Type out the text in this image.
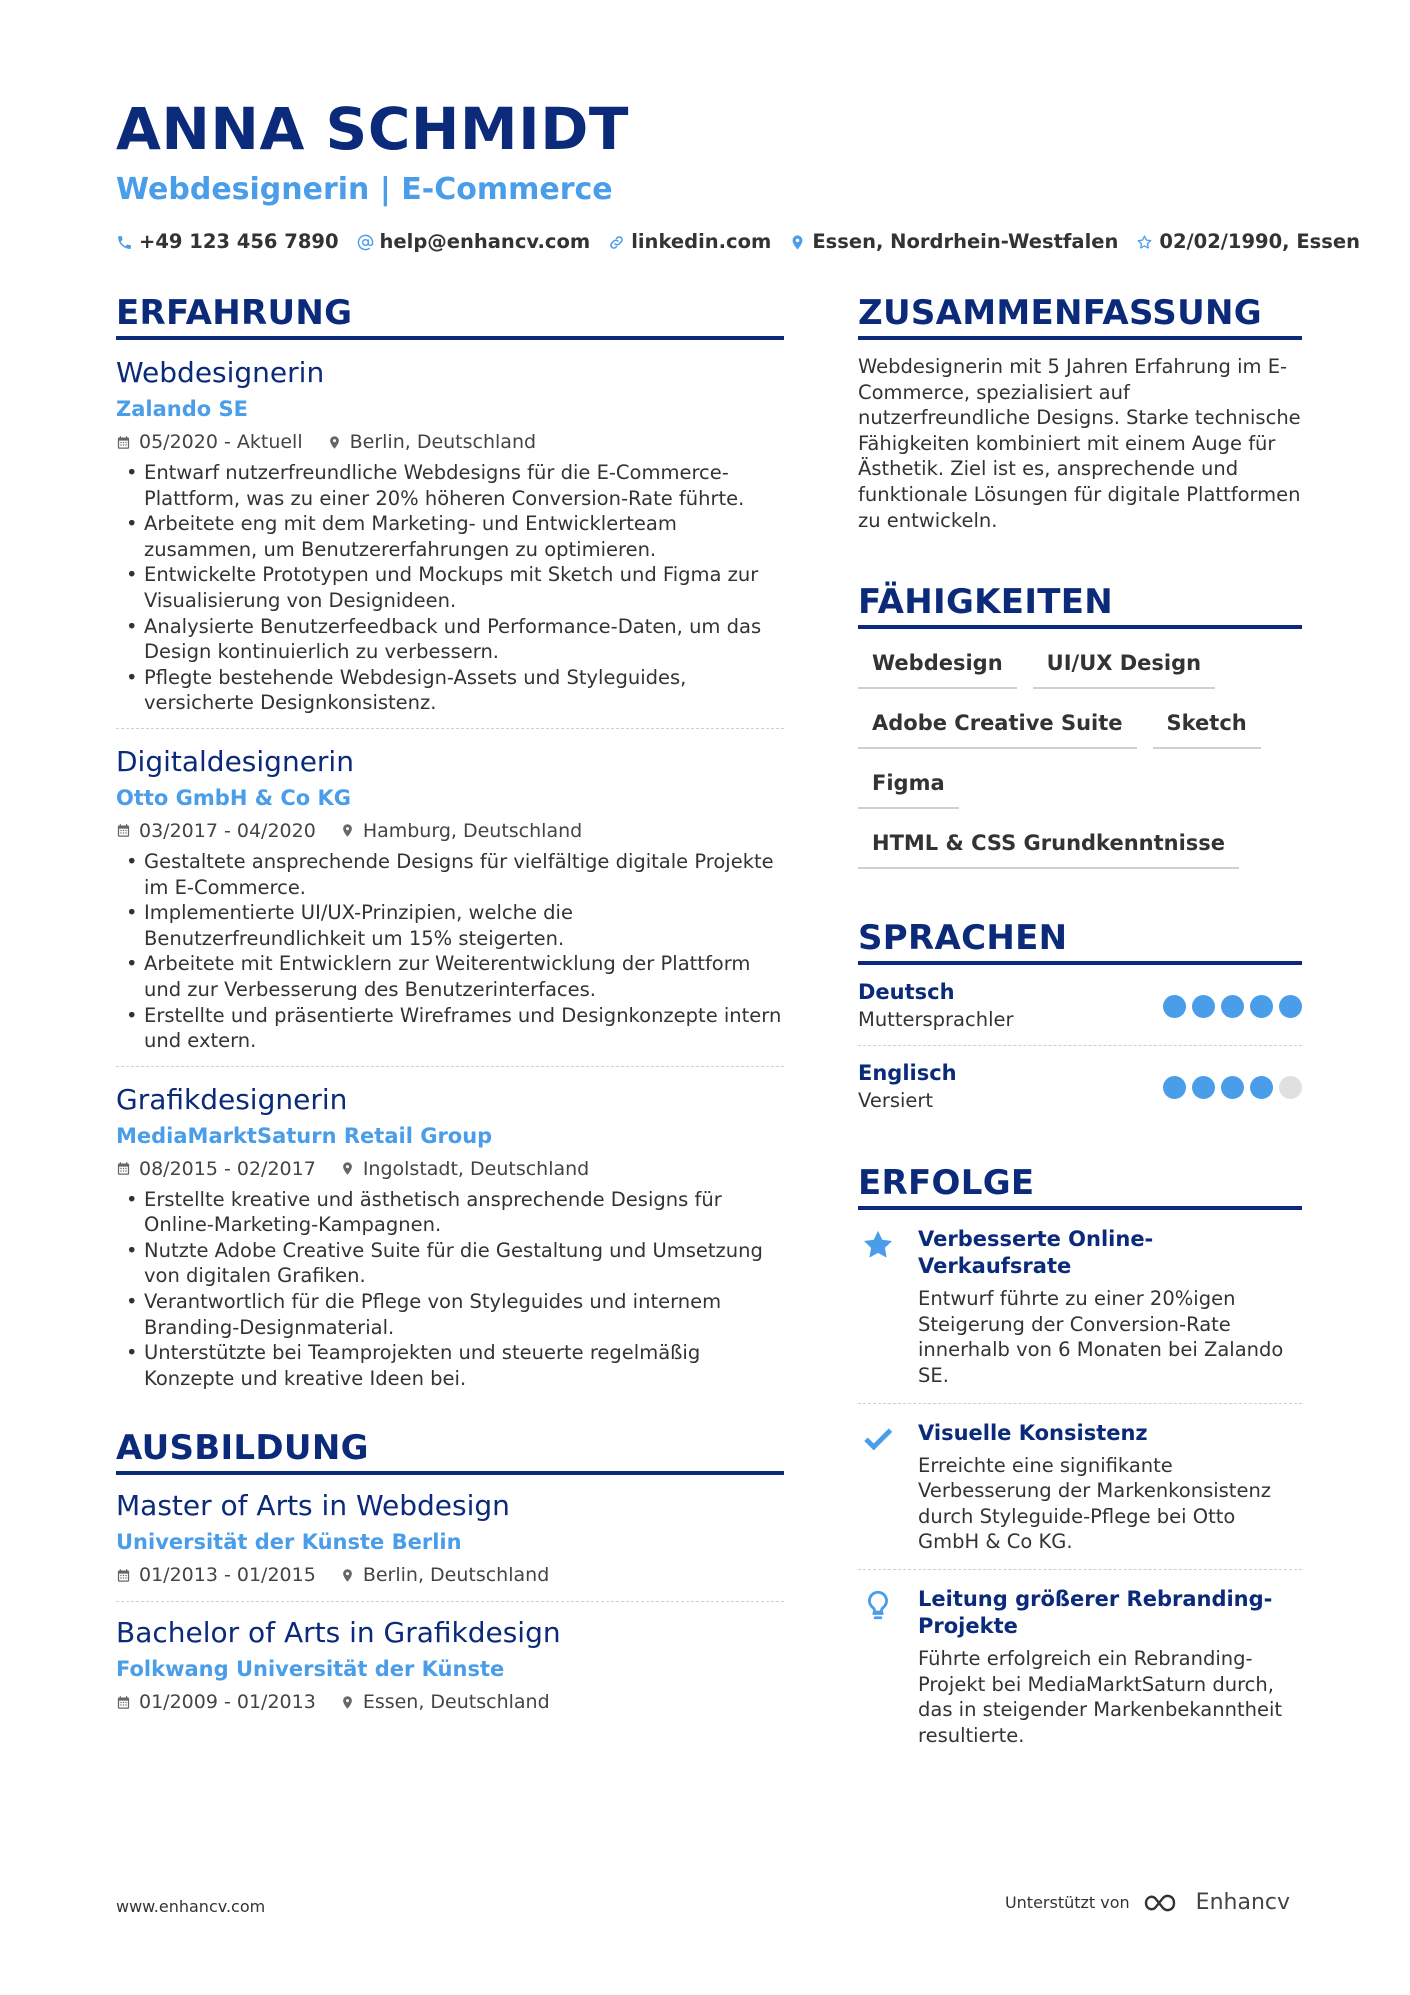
ANNA SCHMIDT
Webdesignerin | E-Commerce
+49 123 456 7890 help@enhancv.com linkedin.com Essen, Nordrhein-Westfalen 02/02/1990, Essen
ERFAHRUNG
Webdesignerin
Zalando SE
05/2020 - Aktuell Berlin, Deutschland
• Entwarf nutzerfreundliche Webdesigns für die E-Commerce-Plattform, was zu einer 20% höheren Conversion-Rate führte.
• Arbeitete eng mit dem Marketing- und Entwicklerteam zusammen, um Benutzererfahrungen zu optimieren.
• Entwickelte Prototypen und Mockups mit Sketch und Figma zur Visualisierung von Designideen.
• Analysierte Benutzerfeedback und Performance-Daten, um das Design kontinuierlich zu verbessern.
• Pflegte bestehende Webdesign-Assets und Styleguides, versicherte Designkonsistenz.
Digitaldesignerin
Otto GmbH & Co KG
03/2017 - 04/2020 Hamburg, Deutschland
• Gestaltete ansprechende Designs für vielfältige digitale Projekte im E-Commerce.
• Implementierte UI/UX-Prinzipien, welche die Benutzerfreundlichkeit um 15% steigerten.
• Arbeitete mit Entwicklern zur Weiterentwicklung der Plattform und zur Verbesserung des Benutzerinterfaces.
• Erstellte und präsentierte Wireframes und Designkonzepte intern und extern.
Grafikdesignerin
MediaMarktSaturn Retail Group
08/2015 - 02/2017 Ingolstadt, Deutschland
• Erstellte kreative und ästhetisch ansprechende Designs für Online-Marketing-Kampagnen.
• Nutzte Adobe Creative Suite für die Gestaltung und Umsetzung von digitalen Grafiken.
• Verantwortlich für die Pflege von Styleguides und internem Branding-Designmaterial.
• Unterstützte bei Teamprojekten und steuerte regelmäßig Konzepte und kreative Ideen bei.
AUSBILDUNG
Master of Arts in Webdesign
Universität der Künste Berlin
01/2013 - 01/2015 Berlin, Deutschland
Bachelor of Arts in Grafikdesign
Folkwang Universität der Künste
01/2009 - 01/2013 Essen, Deutschland
ZUSAMMENFASSUNG

Webdesignerin mit 5 Jahren Erfahrung im E-Commerce, spezialisiert auf nutzerfreundliche Designs. Starke technische Fähigkeiten kombiniert mit einem Auge für Ästhetik. Ziel ist es, ansprechende und funktionale Lösungen für digitale Plattformen zu entwickeln.

FÄHIGKEITEN
Webdesign	UI/UX Design
Adobe Creative Suite	Sketch
Figma
HTML & CSS Grundkenntnisse
SPRACHEN
Deutsch
Muttersprachler
Englisch
Versiert
ERFOLGE
Verbesserte Online-Verkaufsrate
Entwurf führte zu einer 20%igen Steigerung der Conversion-Rate innerhalb von 6 Monaten bei Zalando SE.
Visuelle Konsistenz
Erreichte eine signifikante Verbesserung der Markenkonsistenz durch Styleguide-Pflege bei Otto GmbH & Co KG.
Leitung größerer Rebranding-Projekte
Führte erfolgreich ein Rebranding-Projekt bei MediaMarktSaturn durch, das in steigender Markenbekanntheit resultierte.
www.enhancv.com	Unterstützt von	Enhancv
